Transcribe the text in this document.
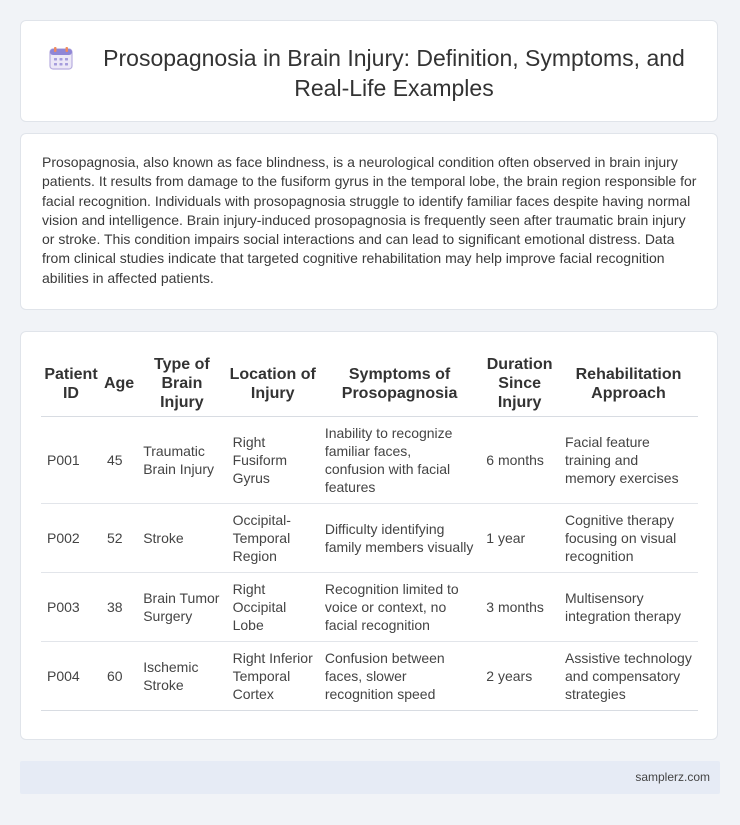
Prosopagnosia in Brain Injury: Definition, Symptoms, and Real-Life Examples

Prosopagnosia, also known as face blindness, is a neurological condition often observed in brain injury patients. It results from damage to the fusiform gyrus in the temporal lobe, the brain region responsible for facial recognition. Individuals with prosopagnosia struggle to identify familiar faces despite having normal vision and intelligence. Brain injury-induced prosopagnosia is frequently seen after traumatic brain injury or stroke. This condition impairs social interactions and can lead to significant emotional distress. Data from clinical studies indicate that targeted cognitive rehabilitation may help improve facial recognition abilities in affected patients.

Patient ID	Age	Type of Brain Injury	Location of Injury	Symptoms of Prosopagnosia	Duration Since Injury	Rehabilitation Approach
P001	45	Traumatic Brain Injury	Right Fusiform Gyrus	Inability to recognize familiar faces, confusion with facial features	6 months	Facial feature training and memory exercises
P002	52	Stroke	Occipital-Temporal Region	Difficulty identifying family members visually	1 year	Cognitive therapy focusing on visual recognition
P003	38	Brain Tumor Surgery	Right Occipital Lobe	Recognition limited to voice or context, no facial recognition	3 months	Multisensory integration therapy
P004	60	Ischemic Stroke	Right Inferior Temporal Cortex	Confusion between faces, slower recognition speed	2 years	Assistive technology and compensatory strategies
samplerz.com
